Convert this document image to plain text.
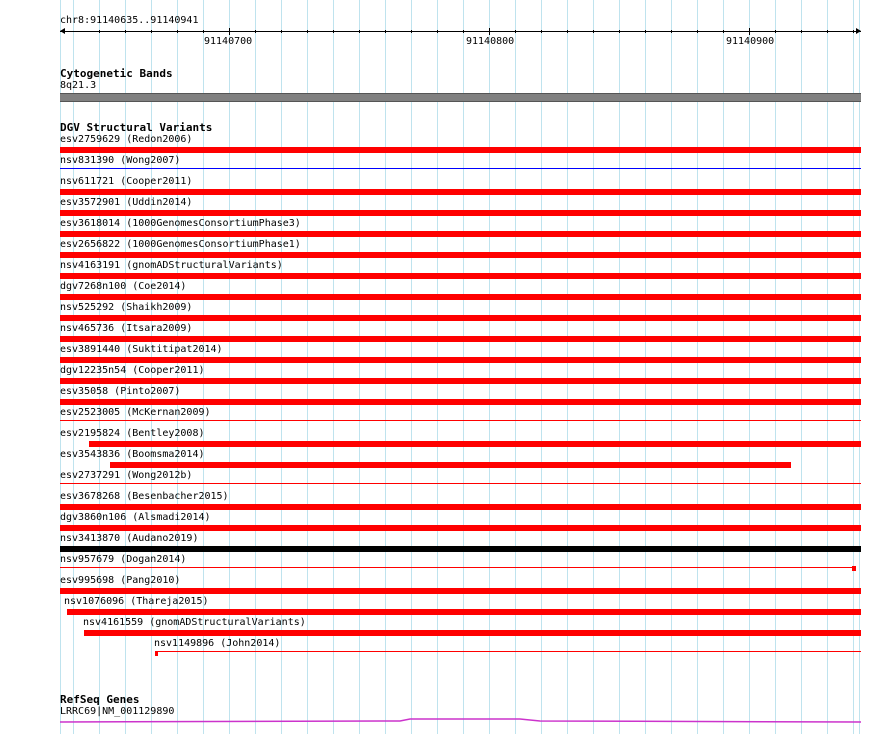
chr8:91140635..91140941
91140700	91140800	91140900
Cytogenetic Bands
8q21.3
DGV Structural Variants
esv2759629 (Redon2006)
nsv831390 (Wong2007)
nsv611721 (Cooper2011)
esv3572901 (Uddin2014)
esv3618014 (1000GenomesConsortiumPhase3)
esv2656822 (1000GenomesConsortiumPhase1)
nsv4163191 (gnomADStructuralVariants)
dgv7268n100 (Coe2014)
nsv525292 (Shaikh2009)
nsv465736 (Itsara2009)
esv3891440 (Suktitipat2014)
dgv12235n54 (Cooper2011)
esv35058 (Pinto2007)
esv2523005 (McKernan2009)
esv2195824 (Bentley2008)
esv3543836 (Boomsma2014)
esv2737291 (Wong2012b)
esv3678268 (Besenbacher2015)
dgv3860n106 (Alsmadi2014)
nsv3413870 (Audano2019)
nsv957679 (Dogan2014)
esv995698 (Pang2010)
nsv1076096 (Thareja2015)
nsv4161559 (gnomADStructuralVariants)
nsv1149896 (John2014)
RefSeq Genes
LRRC69|NM_001129890
